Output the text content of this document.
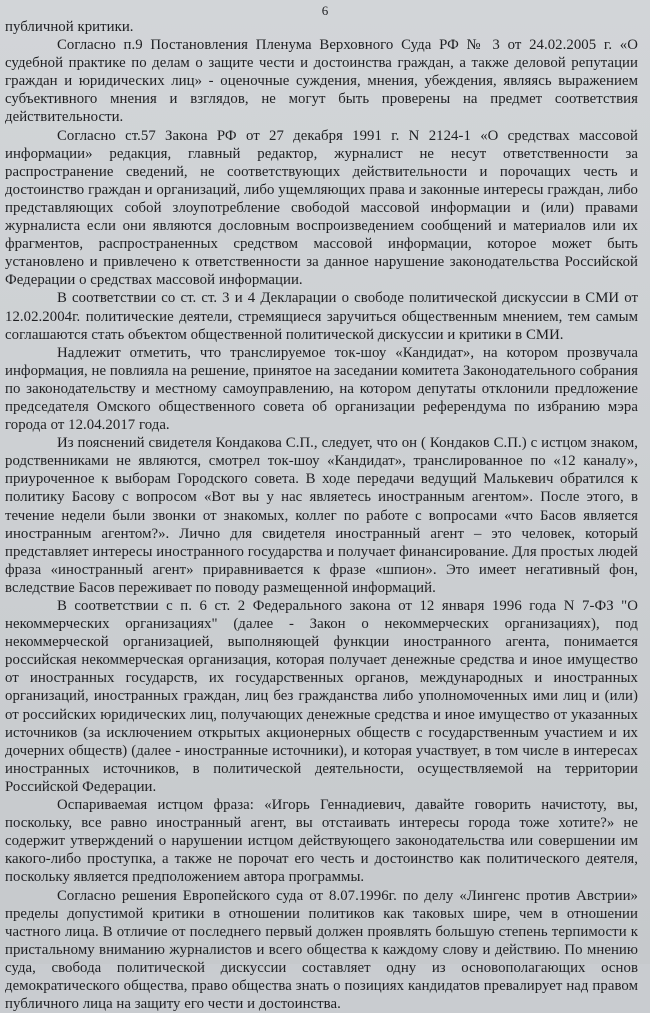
6

публичной критики.

Согласно п.9 Постановления Пленума Верховного Суда РФ № 3 от 24.02.2005 г. «О судебной практике по делам о защите чести и достоинства граждан, а также деловой репутации граждан и юридических лиц» - оценочные суждения, мнения, убеждения, являясь выражением субъективного мнения и взглядов, не могут быть проверены на предмет соответствия действительности.

Согласно ст.57 Закона РФ от 27 декабря 1991 г. N 2124-1 «О средствах массовой информации» редакция, главный редактор, журналист не несут ответственности за распространение сведений, не соответствующих действительности и порочащих честь и достоинство граждан и организаций, либо ущемляющих права и законные интересы граждан, либо представляющих собой злоупотребление свободой массовой информации и (или) правами журналиста если они являются дословным воспроизведением сообщений и материалов или их фрагментов, распространенных средством массовой информации, которое может быть установлено и привлечено к ответственности за данное нарушение законодательства Российской Федерации о средствах массовой информации.

В соответствии со ст. ст. 3 и 4 Декларации о свободе политической дискуссии в СМИ от 12.02.2004г. политические деятели, стремящиеся заручиться общественным мнением, тем самым соглашаются стать объектом общественной политической дискуссии и критики в СМИ.

Надлежит отметить, что транслируемое ток-шоу «Кандидат», на котором прозвучала информация, не повлияла на решение, принятое на заседании комитета Законодательного собрания по законодательству и местному самоуправлению, на котором депутаты отклонили предложение председателя Омского общественного совета об организации референдума по избранию мэра города от 12.04.2017 года.

Из пояснений свидетеля Кондакова С.П., следует, что он ( Кондаков С.П.) с истцом знаком, родственниками не являются, смотрел ток-шоу «Кандидат», транслированное по «12 каналу», приуроченное к выборам Городского совета. В ходе передачи ведущий Малькевич обратился к политику Басову с вопросом «Вот вы у нас являетесь иностранным агентом». После этого, в течение недели были звонки от знакомых, коллег по работе с вопросами «что Басов является иностранным агентом?». Лично для свидетеля иностранный агент – это человек, который представляет интересы иностранного государства и получает финансирование. Для простых людей фраза «иностранный агент» приравнивается к фразе «шпион». Это имеет негативный фон, вследствие Басов переживает по поводу размещенной информаций.

В соответствии с п. 6 ст. 2 Федерального закона от 12 января 1996 года N 7-ФЗ "О некоммерческих организациях" (далее - Закон о некоммерческих организациях), под некоммерческой организацией, выполняющей функции иностранного агента, понимается российская некоммерческая организация, которая получает денежные средства и иное имущество от иностранных государств, их государственных органов, международных и иностранных организаций, иностранных граждан, лиц без гражданства либо уполномоченных ими лиц и (или) от российских юридических лиц, получающих денежные средства и иное имущество от указанных источников (за исключением открытых акционерных обществ с государственным участием и их дочерних обществ) (далее - иностранные источники), и которая участвует, в том числе в интересах иностранных источников, в политической деятельности, осуществляемой на территории Российской Федерации.

Оспариваемая истцом фраза: «Игорь Геннадиевич, давайте говорить начистоту, вы, поскольку, все равно иностранный агент, вы отстаивать интересы города тоже хотите?» не содержит утверждений о нарушении истцом действующего законодательства или совершении им какого-либо проступка, а также не порочат его честь и достоинство как политического деятеля, поскольку является предположением автора программы.

Согласно решения Европейского суда от 8.07.1996г. по делу «Лингенс против Австрии» пределы допустимой критики в отношении политиков как таковых шире, чем в отношении частного лица. В отличие от последнего первый должен проявлять большую степень терпимости к пристальному вниманию журналистов и всего общества к каждому слову и действию. По мнению суда, свобода политической дискуссии составляет одну из основополагающих основ демократического общества, право общества знать о позициях кандидатов превалирует над правом публичного лица на защиту его чести и достоинства.
